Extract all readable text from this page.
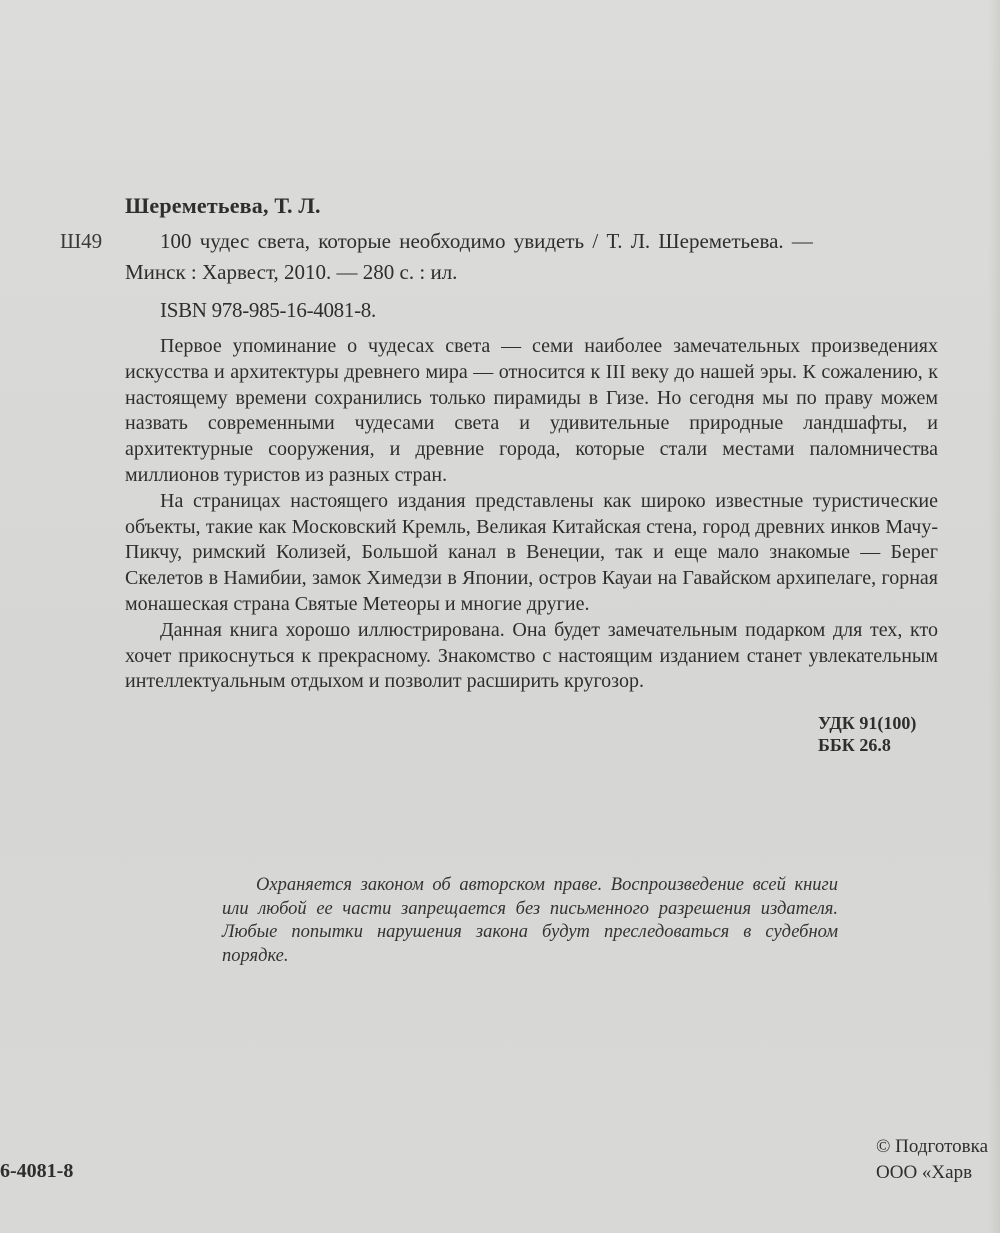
Шереметьева, Т. Л.
Ш49	100 чудес света, которые необходимо увидеть / Т. Л. Шереметьева. —
Минск : Харвест, 2010. — 280 с. : ил.
ISBN 978-985-16-4081-8.

Первое упоминание о чудесах света — семи наиболее замечательных произведениях искусства и архитектуры древнего мира — относится к III веку до нашей эры. К сожалению, к настоящему времени сохранились только пирамиды в Гизе. Но сегодня мы по праву можем назвать современными чудесами света и удивительные природные ландшафты, и архитектурные сооружения, и древние города, которые стали местами паломничества миллионов туристов из разных стран.

На страницах настоящего издания представлены как широко известные туристические объекты, такие как Московский Кремль, Великая Китайская стена, город древних инков Мачу-Пикчу, римский Колизей, Большой канал в Венеции, так и еще мало знакомые — Берег Скелетов в Намибии, замок Химедзи в Японии, остров Кауаи на Гавайском архипелаге, горная монашеская страна Святые Метеоры и многие другие.

Данная книга хорошо иллюстрирована. Она будет замечательным подарком для тех, кто хочет прикоснуться к прекрасному. Знакомство с настоящим изданием станет увлекательным интеллектуальным отдыхом и позволит расширить кругозор.

УДК 91(100)
ББК 26.8

Охраняется законом об авторском праве. Воспроизведение всей книги или любой ее части запрещается без письменного разрешения издателя. Любые попытки нарушения закона будут преследоваться в судебном порядке.

6-4081-8
© Подготовка
ООО «Харв
